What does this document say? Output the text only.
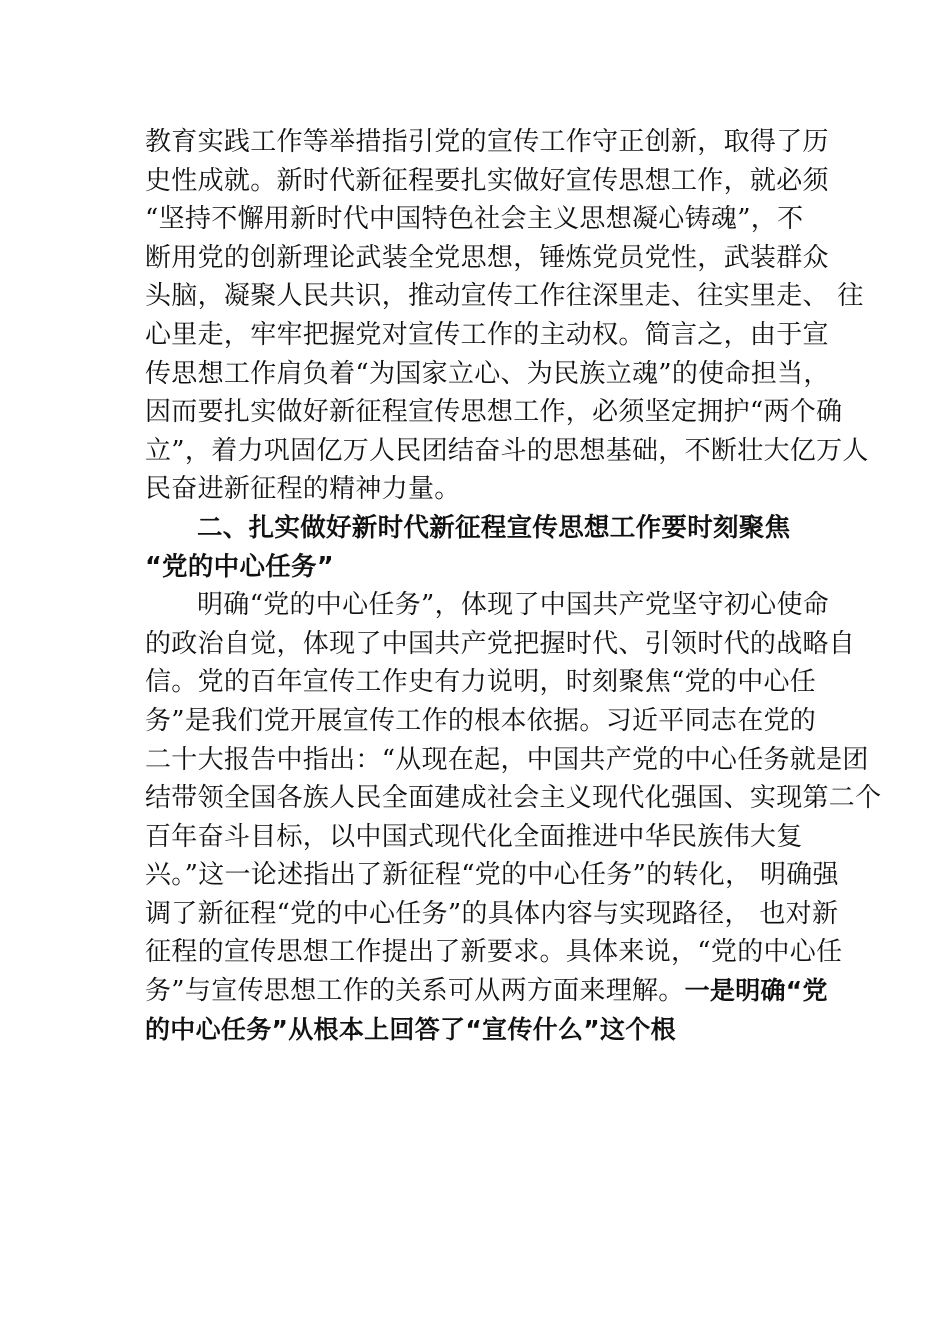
教育实践工作等举措指引党的宣传工作守正创新，取得了历
史性成就。新时代新征程要扎实做好宣传思想工作，就必须
“坚持不懈用新时代中国特色社会主义思想凝心铸魂”，不
断用党的创新理论武装全党思想，锤炼党员党性，武装群众
头脑，凝聚人民共识，推动宣传工作往深里走、往实里走、 往
心里走，牢牢把握党对宣传工作的主动权。简言之，由于宣
传思想工作肩负着“为国家立心、为民族立魂”的使命担当，
因而要扎实做好新征程宣传思想工作，必须坚定拥护“两个确
立”，着力巩固亿万人民团结奋斗的思想基础，不断壮大亿万人
民奋进新征程的精神力量。
二、扎实做好新时代新征程宣传思想工作要时刻聚焦
“党的中心任务”
明确“党的中心任务”，体现了中国共产党坚守初心使命
的政治自觉，体现了中国共产党把握时代、引领时代的战略自
信。党的百年宣传工作史有力说明，时刻聚焦“党的中心任
务”是我们党开展宣传工作的根本依据。习近平同志在党的
二十大报告中指出：“从现在起，中国共产党的中心任务就是团
结带领全国各族人民全面建成社会主义现代化强国、实现第二个
百年奋斗目标，以中国式现代化全面推进中华民族伟大复
兴。”这一论述指出了新征程“党的中心任务”的转化， 明确强
调了新征程“党的中心任务”的具体内容与实现路径， 也对新
征程的宣传思想工作提出了新要求。具体来说，“党的中心任
务”与宣传思想工作的关系可从两方面来理解。一是明确“党
的中心任务”从根本上回答了“宣传什么”这个根
